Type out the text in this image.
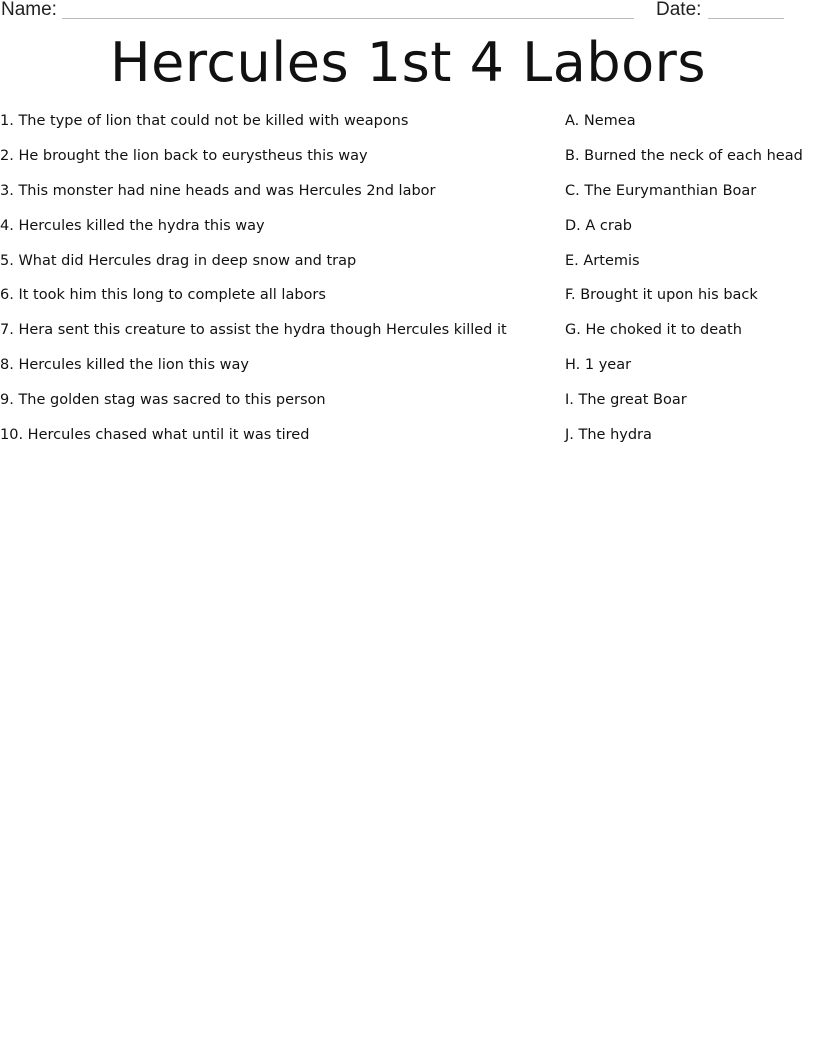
Name:	Date:
Hercules 1st 4 Labors
1. The type of lion that could not be killed with weapons
2. He brought the lion back to eurystheus this way
3. This monster had nine heads and was Hercules 2nd labor
4. Hercules killed the hydra this way
5. What did Hercules drag in deep snow and trap
6. It took him this long to complete all labors
7. Hera sent this creature to assist the hydra though Hercules killed it
8. Hercules killed the lion this way
9. The golden stag was sacred to this person
10. Hercules chased what until it was tired
A. Nemea
B. Burned the neck of each head
C. The Eurymanthian Boar
D. A crab
E. Artemis
F. Brought it upon his back
G. He choked it to death
H. 1 year
I. The great Boar
J. The hydra
